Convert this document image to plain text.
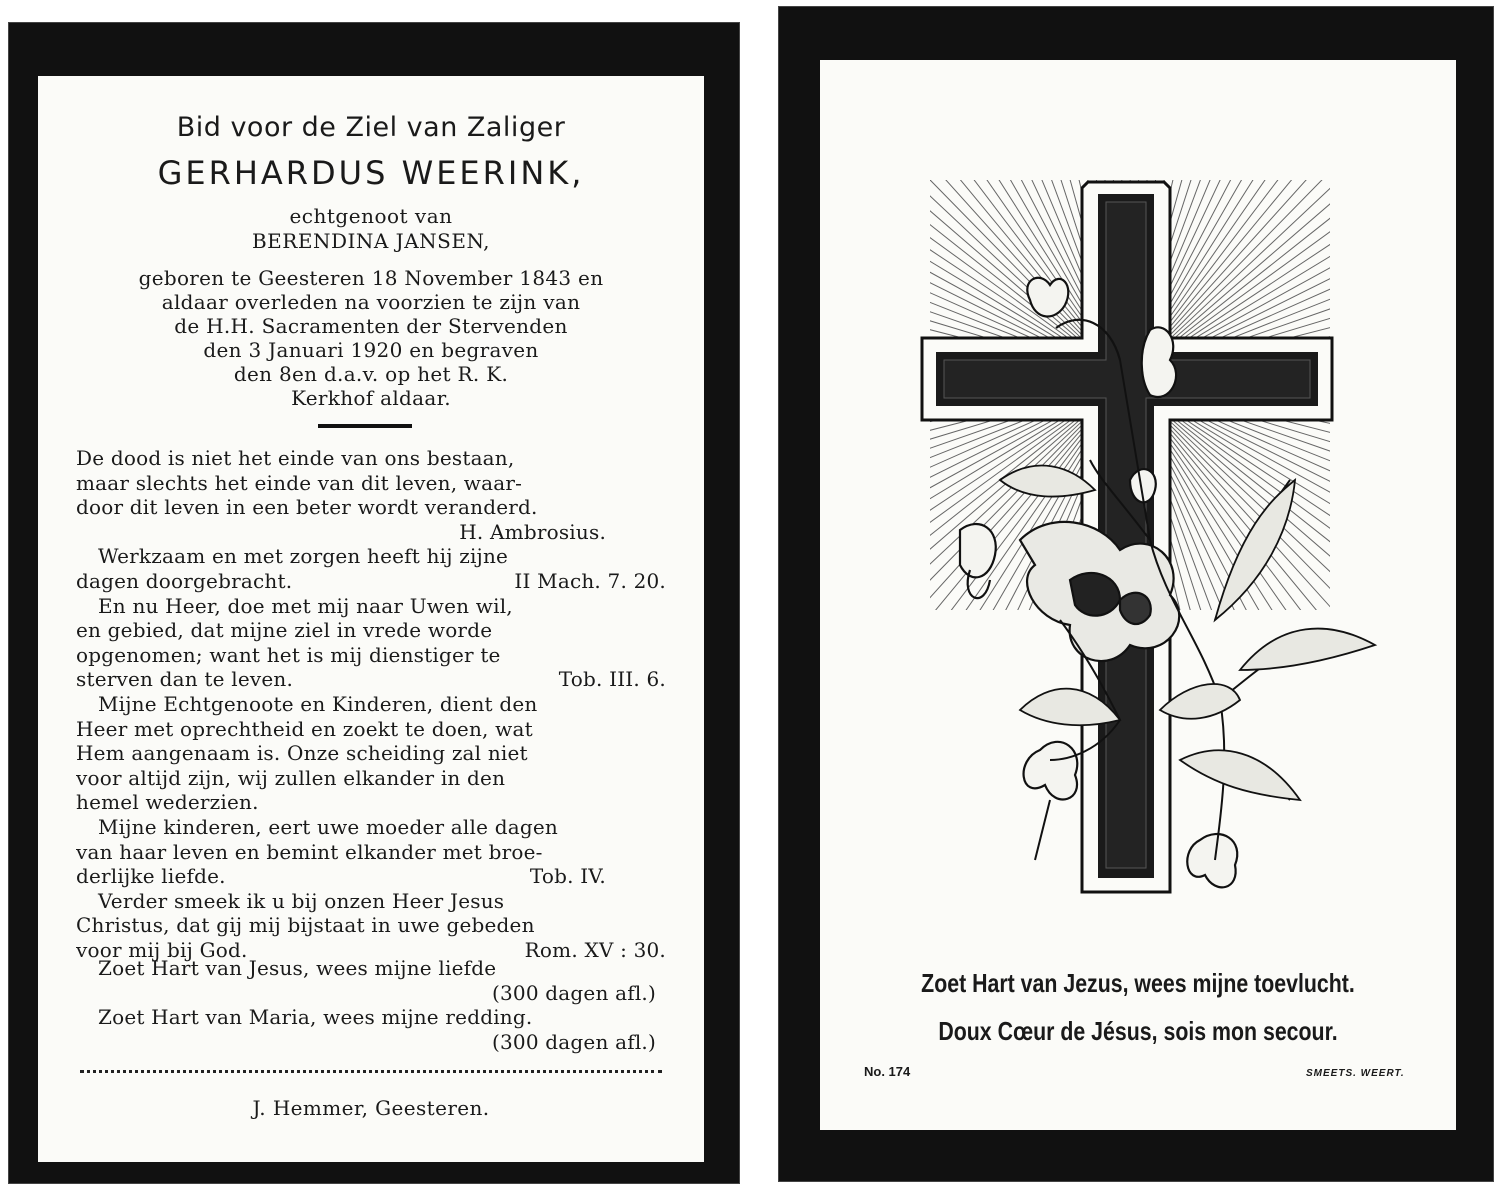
Bid voor de Ziel van Zaliger
GERHARDUS WEERINK,
echtgenoot van
BERENDINA JANSEN,
geboren te Geesteren 18 November 1843 en
aldaar overleden na voorzien te zijn van
de H.H. Sacramenten der Stervenden
den 3 Januari 1920 en begraven
den 8en d.a.v. op het R. K.
Kerkhof aldaar.
De dood is niet het einde van ons bestaan,
maar slechts het einde van dit leven, waar-
door dit leven in een beter wordt veranderd.
H. Ambrosius.
Werkzaam en met zorgen heeft hij zijne
dagen doorgebracht.	II Mach. 7. 20.
En nu Heer, doe met mij naar Uwen wil,
en gebied, dat mijne ziel in vrede worde
opgenomen; want het is mij dienstiger te
sterven dan te leven.	Tob. III. 6.
Mijne Echtgenoote en Kinderen, dient den
Heer met oprechtheid en zoekt te doen, wat
Hem aangenaam is. Onze scheiding zal niet
voor altijd zijn, wij zullen elkander in den
hemel wederzien.
Mijne kinderen, eert uwe moeder alle dagen
van haar leven en bemint elkander met broe-
derlijke liefde.	Tob. IV.
Verder smeek ik u bij onzen Heer Jesus
Christus, dat gij mij bijstaat in uwe gebeden
voor mij bij God.	Rom. XV : 30.
Zoet Hart van Jesus, wees mijne liefde
(300 dagen afl.)
Zoet Hart van Maria, wees mijne redding.
(300 dagen afl.)
J. Hemmer, Geesteren.
Zoet Hart van Jezus, wees mijne toevlucht.
Doux Cœur de Jésus, sois mon secour.
No. 174	SMEETS. WEERT.
